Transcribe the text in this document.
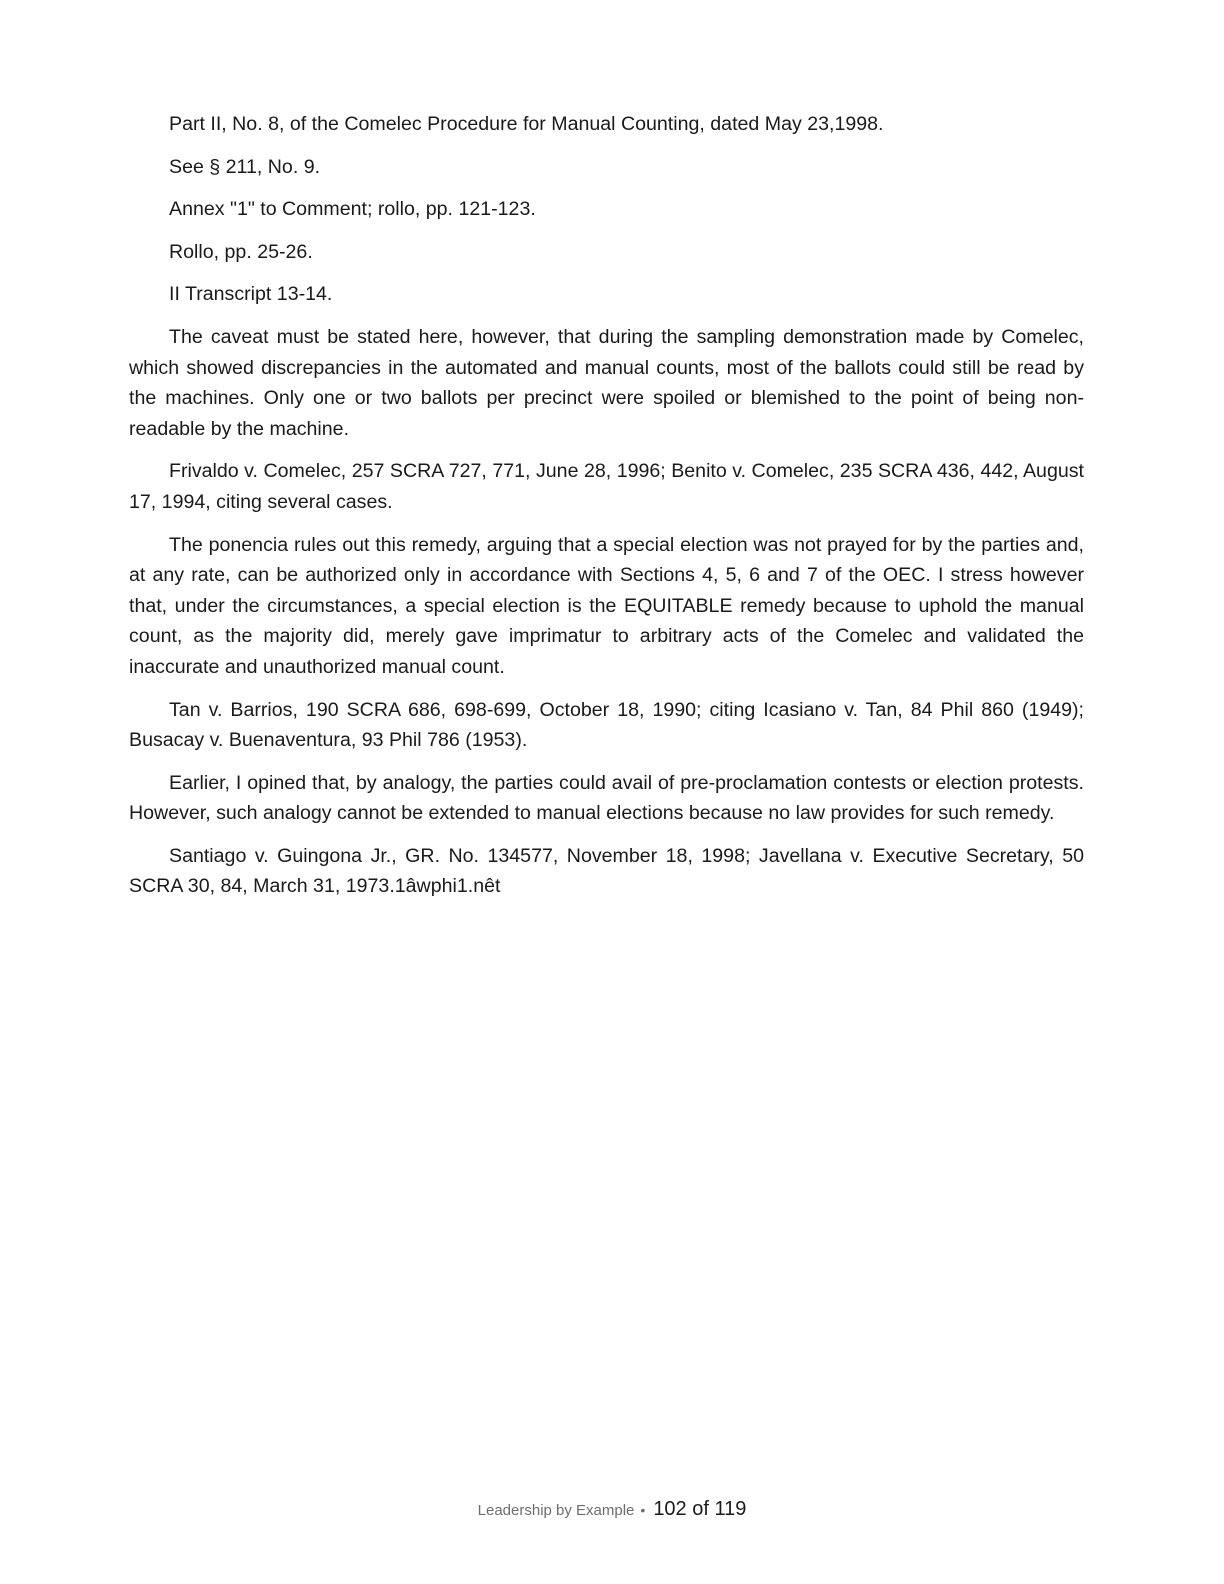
Part II, No. 8, of the Comelec Procedure for Manual Counting, dated May 23,1998.

See § 211, No. 9.

Annex "1" to Comment; rollo, pp. 121-123.

Rollo, pp. 25-26.

II Transcript 13-14.

The caveat must be stated here, however, that during the sampling demonstration made by Comelec, which showed discrepancies in the automated and manual counts, most of the ballots could still be read by the machines. Only one or two ballots per precinct were spoiled or blemished to the point of being non-readable by the machine.

Frivaldo v. Comelec, 257 SCRA 727, 771, June 28, 1996; Benito v. Comelec, 235 SCRA 436, 442, August 17, 1994, citing several cases.

The ponencia rules out this remedy, arguing that a special election was not prayed for by the parties and, at any rate, can be authorized only in accordance with Sections 4, 5, 6 and 7 of the OEC. I stress however that, under the circumstances, a special election is the EQUITABLE remedy because to uphold the manual count, as the majority did, merely gave imprimatur to arbitrary acts of the Comelec and validated the inaccurate and unauthorized manual count.

Tan v. Barrios, 190 SCRA 686, 698-699, October 18, 1990; citing Icasiano v. Tan, 84 Phil 860 (1949); Busacay v. Buenaventura, 93 Phil 786 (1953).

Earlier, I opined that, by analogy, the parties could avail of pre-proclamation contests or election protests. However, such analogy cannot be extended to manual elections because no law provides for such remedy.

Santiago v. Guingona Jr., GR. No. 134577, November 18, 1998; Javellana v. Executive Secretary, 50 SCRA 30, 84, March 31, 1973.1âwphi1.nêt

Leadership by Example • 102 of 119
